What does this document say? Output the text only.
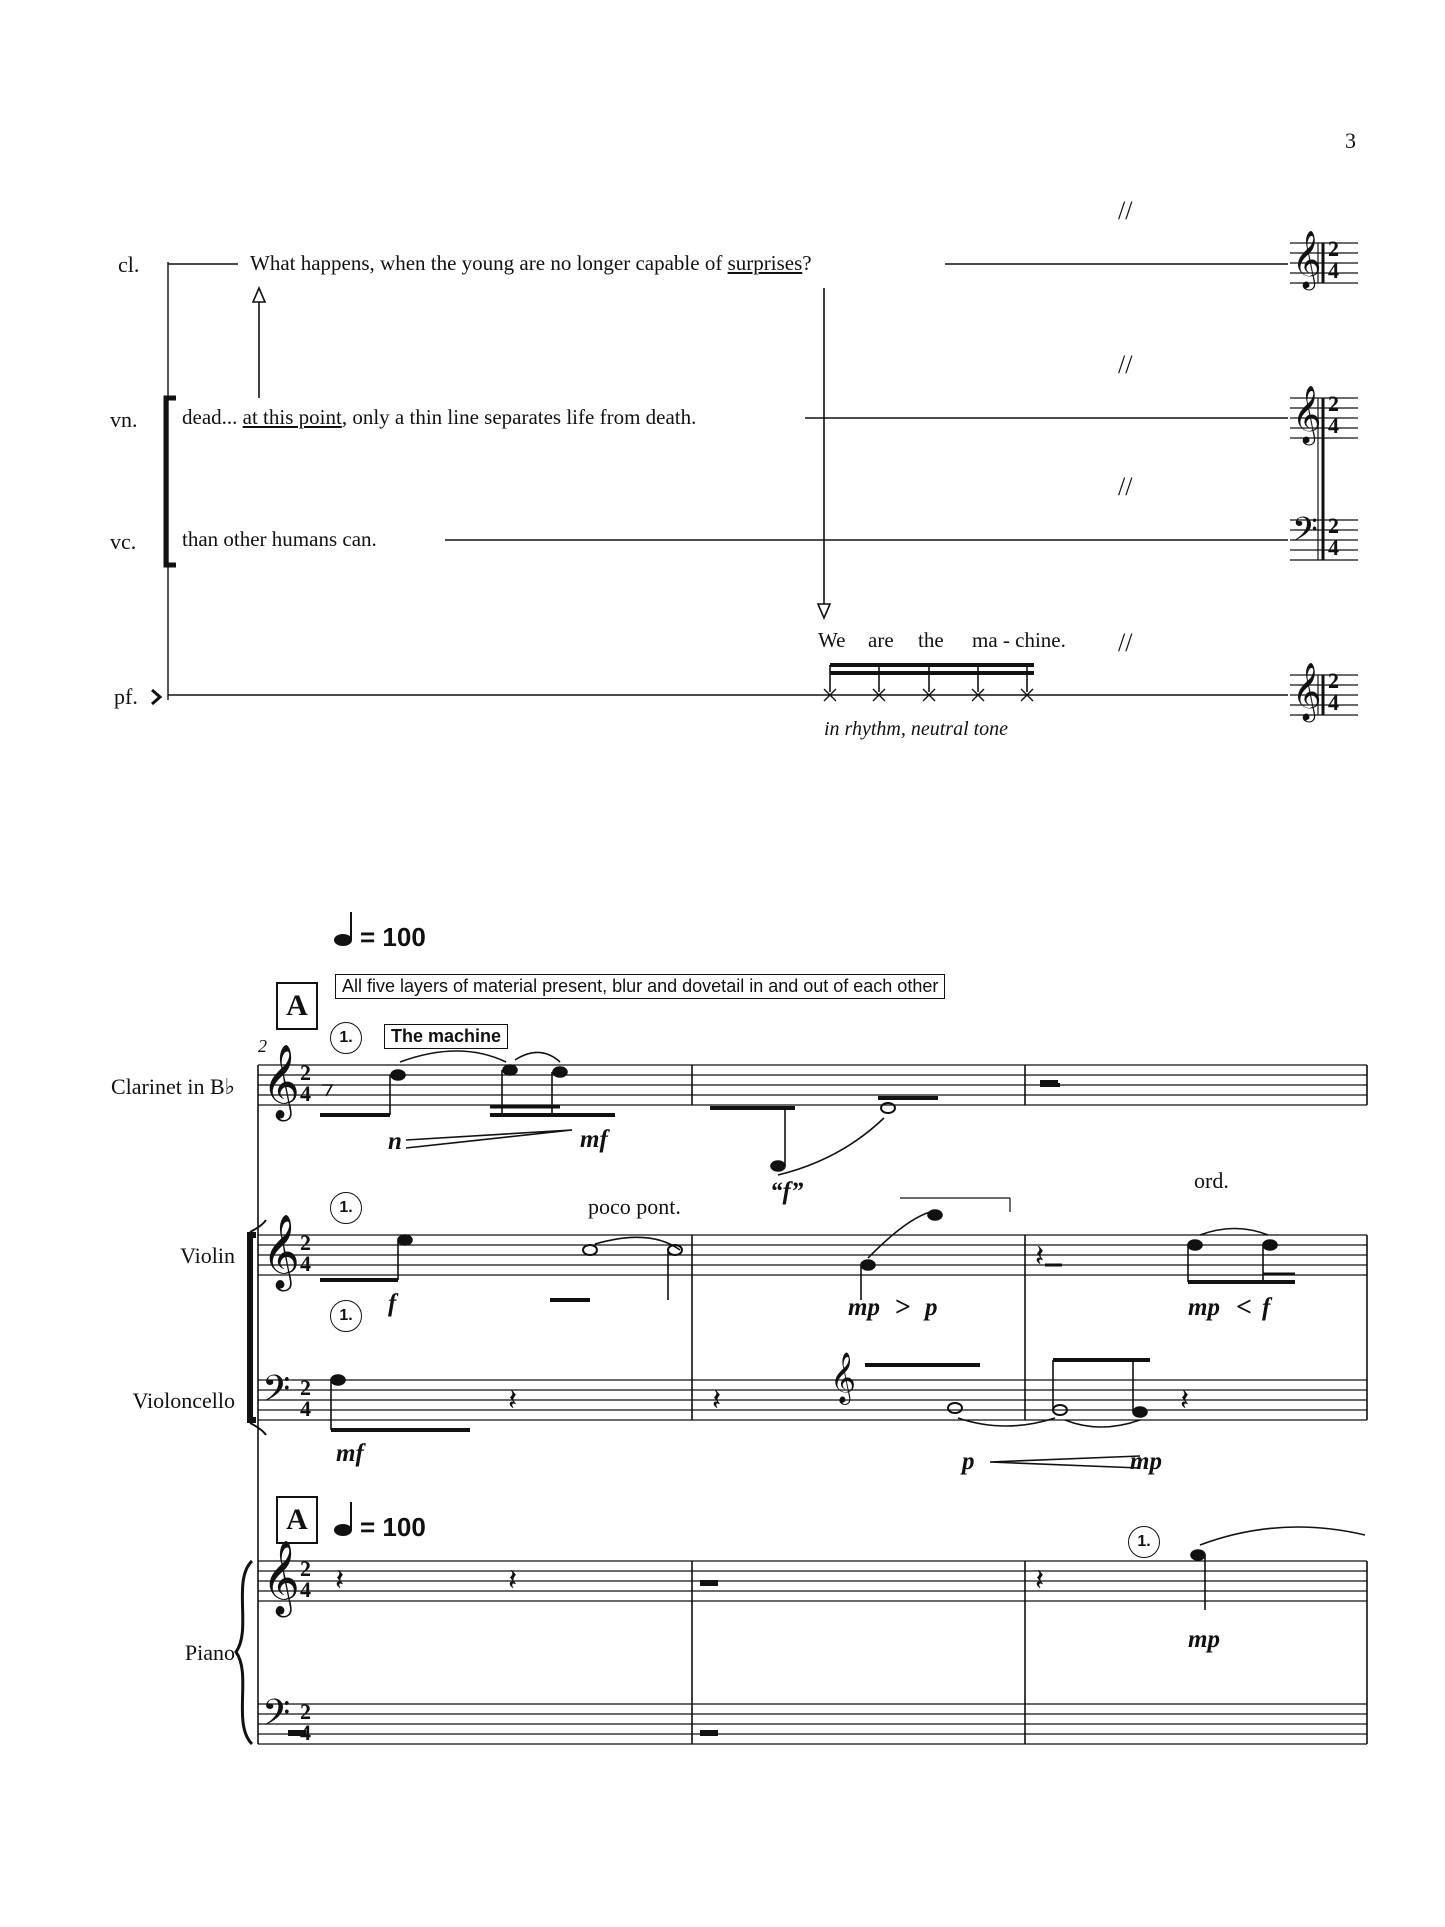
3
cl.
vn.
vc.
pf.
What happens, when the young are no longer capable of surprises?
dead... at this point, only a thin line separates life from death.
than other humans can.
We are the ma - chine.
in rhythm, neutral tone
//
//
//
//
𝄞 2
4
𝄞 2
4
𝄢 2
4
𝄞 2
4
= 100
All five layers of material present, blur and dovetail in and out of each other
A
2	1.	The machine
Clarinet in B♭
Violin
Violoncello
Piano
𝄞 2
4
𝄞 2
4
𝄢 2
4
𝄞 2
4
𝄢 2
4
1.
1.
1.
A	= 100
poco pont.
ord.
n	mf
“f”
f	mp > p	mp < f
mf	p	mp
mp
𝄽	𝄽	𝄽
𝄽	𝄽	𝄽
𝄽
𝄞
